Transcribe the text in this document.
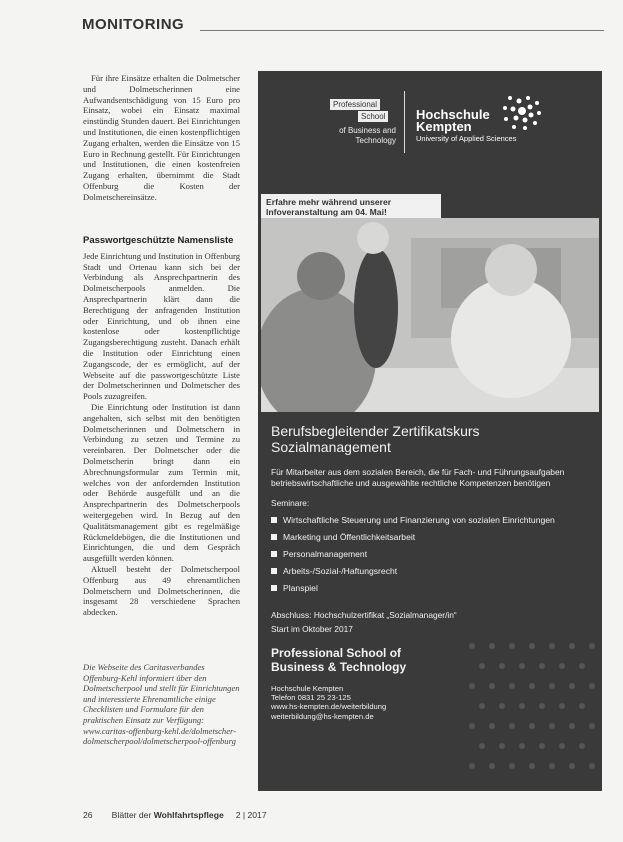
MONITORING

Für ihre Einsätze erhalten die Dolmetscher und Dolmetscherinnen eine Aufwandsentschädigung von 15 Euro pro Einsatz, wobei ein Einsatz maximal einstündig Stunden dauert. Bei Einrichtungen und Institutionen, die einen kostenpflichtigen Zugang erhalten, werden die Einsätze von 15 Euro in Rechnung gestellt. Für Einrichtungen und Institutionen, die einen kostenfreien Zugang erhalten, übernimmt die Stadt Offenburg die Kosten der Dolmetschereinsätze.

Passwortgeschützte Namensliste

Jede Einrichtung und Institution in Offenburg Stadt und Ortenau kann sich bei der Verbindung als Ansprechpartnerin des Dolmetscherpools anmelden. Die Ansprechpartnerin klärt dann die Berechtigung der anfragenden Institution oder Einrichtung, und ob ihnen eine kostenlose oder kostenpflichtige Zugangsberechtigung zusteht. Danach erhält die Institution oder Einrichtung einen Zugangscode, der es ermöglicht, auf der Webseite auf die passwortgeschützte Liste der Dolmetscherinnen und Dolmetscher des Pools zuzugreifen.

Die Einrichtung oder Institution ist dann angehalten, sich selbst mit den benötigten Dolmetscherinnen und Dolmetschern in Verbindung zu setzen und Termine zu vereinbaren. Der Dolmetscher oder die Dolmetscherin bringt dann ein Abrechnungsformular zum Termin mit, welches von der anfordernden Institution oder Behörde ausgefüllt und an die Ansprechpartnerin des Dolmetscherpools weitergegeben wird. In Bezug auf den Qualitätsmanagement gibt es regelmäßige Rückmeldebögen, die die Institutionen und Einrichtungen, die und dem Gespräch ausgefüllt werden können.

Aktuell besteht der Dolmetscherpool Offenburg aus 49 ehrenamtlichen Dolmetschern und Dolmetscherinnen, die insgesamt 28 verschiedene Sprachen abdecken.

Die Webseite des Caritasverbandes Offenburg-Kehl informiert über den Dolmetscherpool und stellt für Einrichtungen und interessierte Ehrenamtliche einige Checklisten und Formulare für den praktischen Einsatz zur Verfügung: www.caritas-offenburg-kehl.de/dolmetscher-dolmetscherpool/dolmetscherpool-offenburg
Professional
School
of Business and
Technology
Hochschule
Kempten
University of Applied Sciences
Erfahre mehr während unserer
Infoveranstaltung am 04. Mai!
Berufsbegleitender Zertifikatskurs
Sozialmanagement

Für Mitarbeiter aus dem sozialen Bereich, die für Fach- und Führungsaufgaben betriebswirtschaftliche und ausgewählte rechtliche Kompetenzen benötigen

Seminare:

Wirtschaftliche Steuerung und Finanzierung von sozialen Einrichtungen
Marketing und Öffentlichkeitsarbeit
Personalmanagement
Arbeits-/Sozial-/Haftungsrecht
Planspiel

Abschluss: Hochschulzertifikat „Sozialmanager/in“

Start im Oktober 2017

Professional School of
Business & Technology
Hochschule Kempten
Telefon 0831 25 23-125
www.hs-kempten.de/weiterbildung
weiterbildung@hs-kempten.de
26 Blätter der Wohlfahrtspflege 2 | 2017
